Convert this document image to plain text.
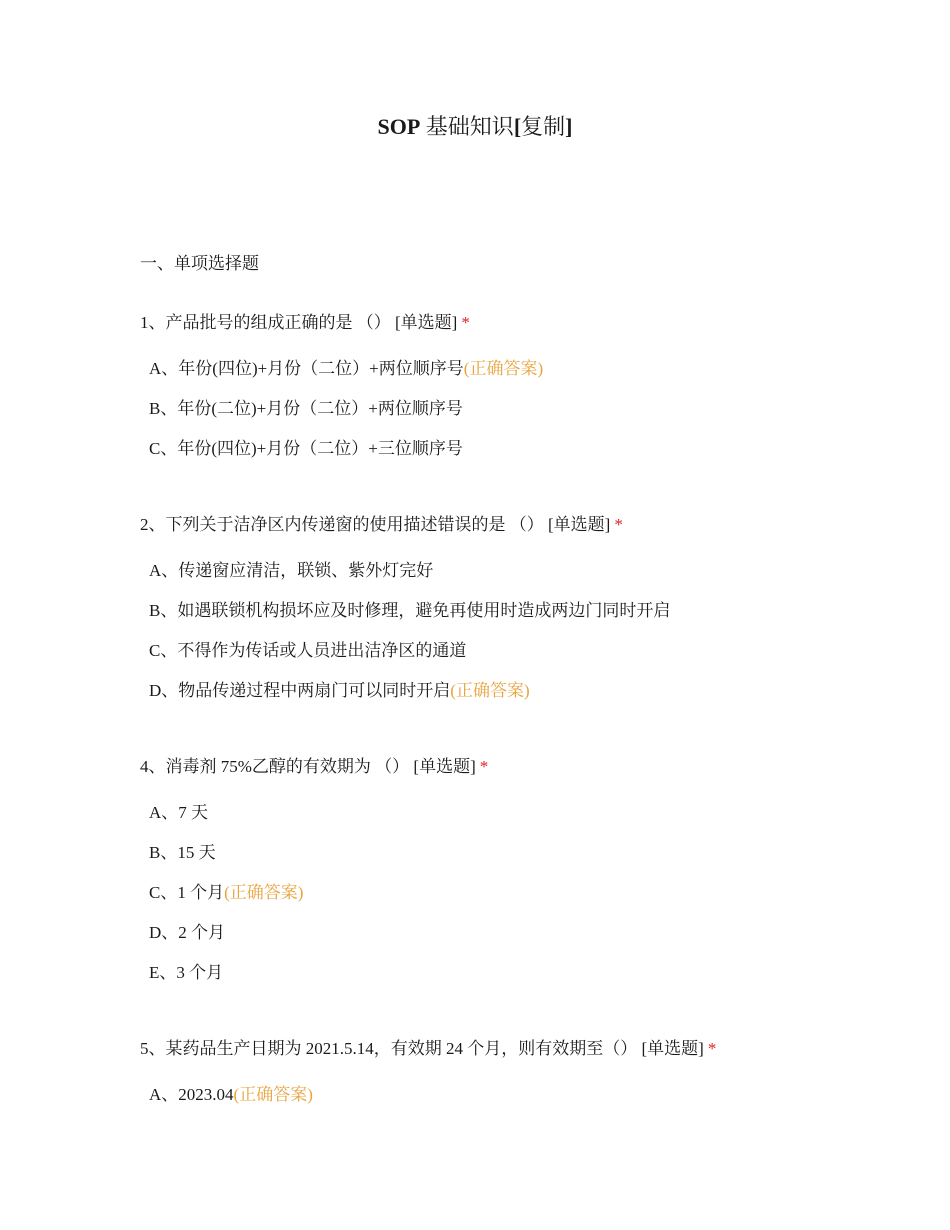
SOP 基础知识[复制]
一、单项选择题

1、产品批号的组成正确的是 （） [单选题] *

A、年份(四位)+月份（二位）+两位顺序号(正确答案)
B、年份(二位)+月份（二位）+两位顺序号
C、年份(四位)+月份（二位）+三位顺序号

2、下列关于洁净区内传递窗的使用描述错误的是 （） [单选题] *

A、传递窗应清洁，联锁、紫外灯完好
B、如遇联锁机构损坏应及时修理，避免再使用时造成两边门同时开启
C、不得作为传话或人员进出洁净区的通道
D、物品传递过程中两扇门可以同时开启(正确答案)

4、消毒剂 75%乙醇的有效期为 （） [单选题] *

A、7 天
B、15 天
C、1 个月(正确答案)
D、2 个月
E、3 个月

5、某药品生产日期为 2021.5.14，有效期 24 个月，则有效期至（） [单选题] *

A、2023.04(正确答案)
